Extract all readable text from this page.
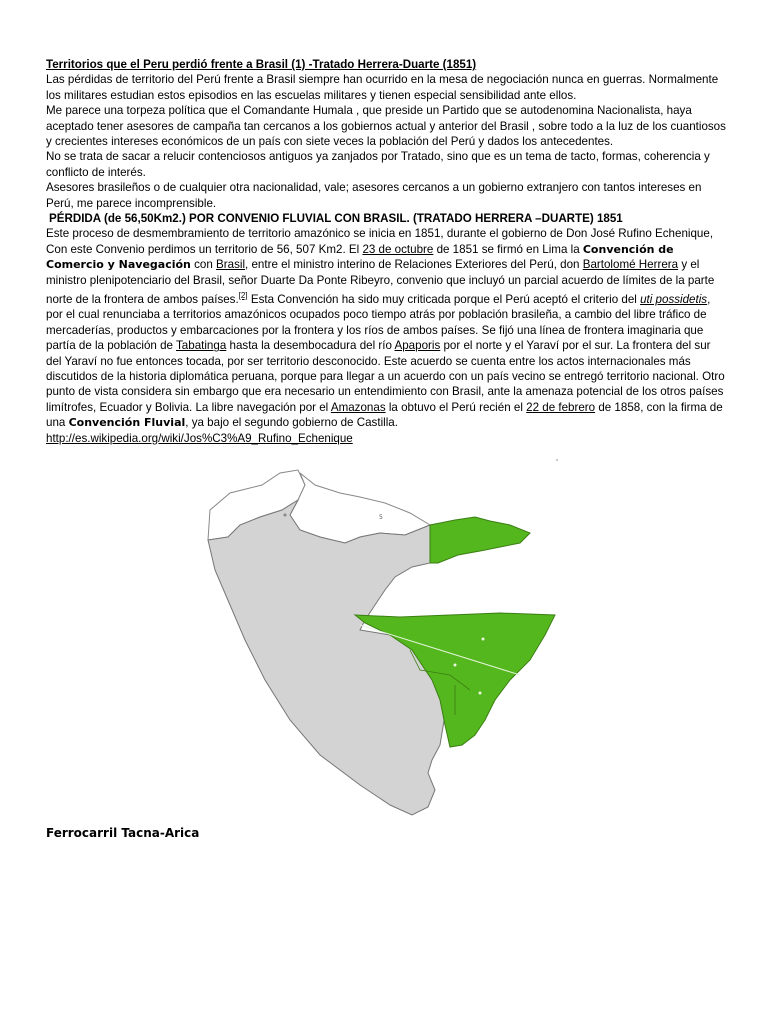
Territorios que el Peru perdió frente a Brasil (1) -Tratado Herrera-Duarte (1851)

Las pérdidas de territorio del Perú frente a Brasil siempre han ocurrido en la mesa de negociación nunca en guerras. Normalmente los militares estudian estos episodios en las escuelas militares y tienen especial sensibilidad ante ellos.

Me parece una torpeza política que el Comandante Humala , que preside un Partido que se autodenomina Nacionalista, haya aceptado tener asesores de campaña tan cercanos a los gobiernos actual y anterior del Brasil , sobre todo a la luz de los cuantiosos y crecientes intereses económicos de un país con siete veces la población del Perú y dados los antecedentes.

No se trata de sacar a relucir contenciosos antiguos ya zanjados por Tratado, sino que es un tema de tacto, formas, coherencia y conflicto de interés.

Asesores brasileños o de cualquier otra nacionalidad, vale; asesores cercanos a un gobierno extranjero con tantos intereses en Perú, me parece incomprensible.

PÉRDIDA (de 56,50Km2.) POR CONVENIO FLUVIAL CON BRASIL. (TRATADO HERRERA –DUARTE) 1851

Este proceso de desmembramiento de territorio amazónico se inicia en 1851, durante el gobierno de Don José Rufino Echenique, Con este Convenio perdimos un territorio de 56, 507 Km2. El 23 de octubre de 1851 se firmó en Lima la Convención de Comercio y Navegación con Brasil, entre el ministro interino de Relaciones Exteriores del Perú, don Bartolomé Herrera y el ministro plenipotenciario del Brasil, señor Duarte Da Ponte Ribeyro, convenio que incluyó un parcial acuerdo de límites de la parte norte de la frontera de ambos países.[2] Esta Convención ha sido muy criticada porque el Perú aceptó el criterio del uti possidetis, por el cual renunciaba a territorios amazónicos ocupados poco tiempo atrás por población brasileña, a cambio del libre tráfico de mercaderías, productos y embarcaciones por la frontera y los ríos de ambos países. Se fijó una línea de frontera imaginaria que partía de la población de Tabatinga hasta la desembocadura del río Apaporis por el norte y el Yaraví por el sur. La frontera del sur del Yaraví no fue entonces tocada, por ser territorio desconocido. Este acuerdo se cuenta entre los actos internacionales más discutidos de la historia diplomática peruana, porque para llegar a un acuerdo con un país vecino se entregó territorio nacional. Otro punto de vista considera sin embargo que era necesario un entendimiento con Brasil, ante la amenaza potencial de los otros países limítrofes, Ecuador y Bolivia. La libre navegación por el Amazonas la obtuvo el Perú recién el 22 de febrero de 1858, con la firma de una Convención Fluvial, ya bajo el segundo gobierno de Castilla.

http://es.wikipedia.org/wiki/Jos%C3%A9_Rufino_Echenique

5
Ferrocarril Tacna-Arica
